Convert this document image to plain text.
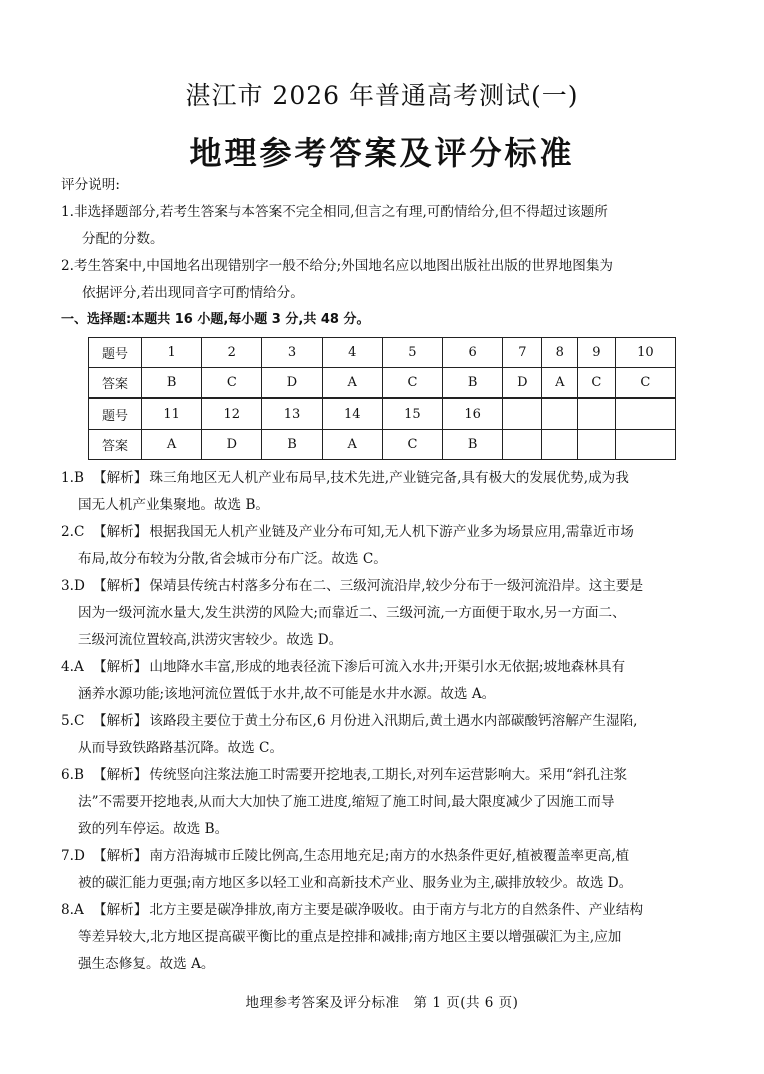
湛江市 2026 年普通高考测试(一)
地理参考答案及评分标准
评分说明:
1.非选择题部分,若考生答案与本答案不完全相同,但言之有理,可酌情给分,但不得超过该题所
分配的分数。
2.考生答案中,中国地名出现错别字一般不给分;外国地名应以地图出版社出版的世界地图集为
依据评分,若出现同音字可酌情给分。
一、选择题:本题共 16 小题,每小题 3 分,共 48 分。
题号	1	2	3	4	5	6	7	8	9	10
答案	B	C	D	A	C	B	D	A	C	C
题号	11	12	13	14	15	16				
答案	A	D	B	A	C	B				
1.B 【解析】 珠三角地区无人机产业布局早,技术先进,产业链完备,具有极大的发展优势,成为我
国无人机产业集聚地。故选 B。
2.C 【解析】 根据我国无人机产业链及产业分布可知,无人机下游产业多为场景应用,需靠近市场
布局,故分布较为分散,省会城市分布广泛。故选 C。
3.D 【解析】 保靖县传统古村落多分布在二、三级河流沿岸,较少分布于一级河流沿岸。这主要是
因为一级河流水量大,发生洪涝的风险大;而靠近二、三级河流,一方面便于取水,另一方面二、
三级河流位置较高,洪涝灾害较少。故选 D。
4.A 【解析】 山地降水丰富,形成的地表径流下渗后可流入水井;开渠引水无依据;坡地森林具有
涵养水源功能;该地河流位置低于水井,故不可能是水井水源。故选 A。
5.C 【解析】 该路段主要位于黄土分布区,6 月份进入汛期后,黄土遇水内部碳酸钙溶解产生湿陷,
从而导致铁路路基沉降。故选 C。
6.B 【解析】 传统竖向注浆法施工时需要开挖地表,工期长,对列车运营影响大。采用“斜孔注浆
法”不需要开挖地表,从而大大加快了施工进度,缩短了施工时间,最大限度减少了因施工而导
致的列车停运。故选 B。
7.D 【解析】 南方沿海城市丘陵比例高,生态用地充足;南方的水热条件更好,植被覆盖率更高,植
被的碳汇能力更强;南方地区多以轻工业和高新技术产业、服务业为主,碳排放较少。故选 D。
8.A 【解析】 北方主要是碳净排放,南方主要是碳净吸收。由于南方与北方的自然条件、产业结构
等差异较大,北方地区提高碳平衡比的重点是控排和减排;南方地区主要以增强碳汇为主,应加
强生态修复。故选 A。
地理参考答案及评分标准　第 1 页(共 6 页)
